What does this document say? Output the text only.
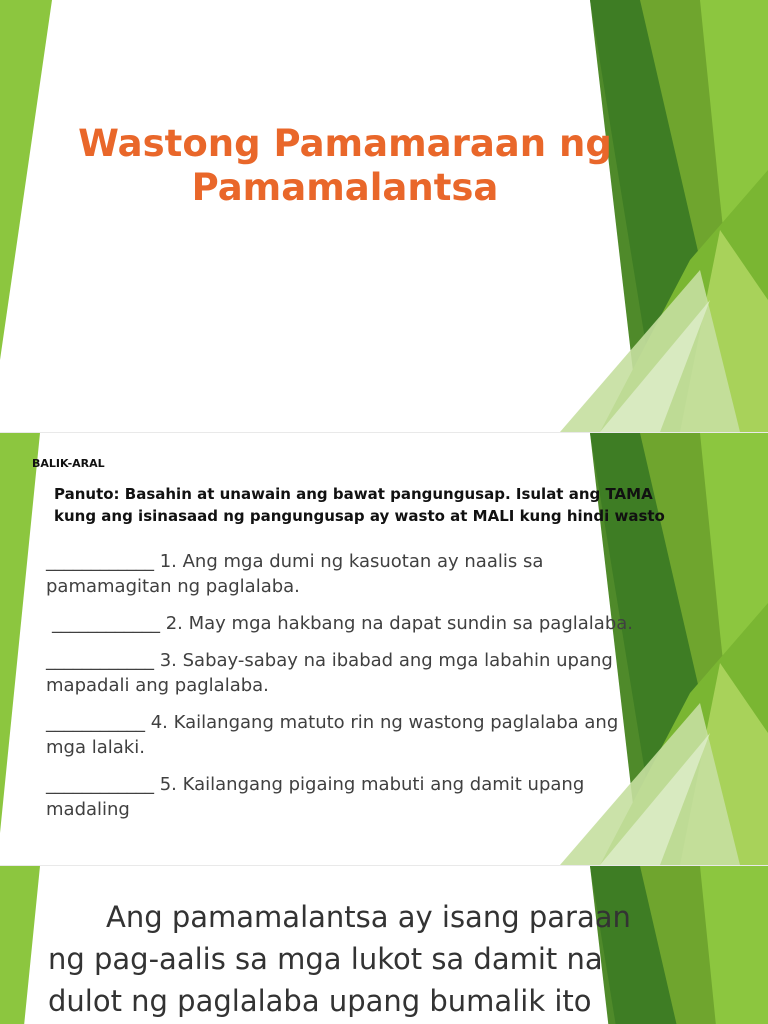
Wastong Pamamaraan ng
Pamamalantsa
BALIK-ARAL
Panuto: Basahin at unawain ang bawat pangungusap. Isulat ang TAMA
kung ang isinasaad ng pangungusap ay wasto at MALI kung hindi wasto
____________ 1. Ang mga dumi ng kasuotan ay naalis sa
pamamagitan ng paglalaba.
____________ 2. May mga hakbang na dapat sundin sa paglalaba.
____________ 3. Sabay-sabay na ibabad ang mga labahin upang
mapadali ang paglalaba.
___________ 4. Kailangang matuto rin ng wastong paglalaba ang
mga lalaki.
____________ 5. Kailangang pigaing mabuti ang damit upang
madaling
Ang pamamalantsa ay isang paraan
ng pag-aalis sa mga lukot sa damit na
dulot ng paglalaba upang bumalik ito
